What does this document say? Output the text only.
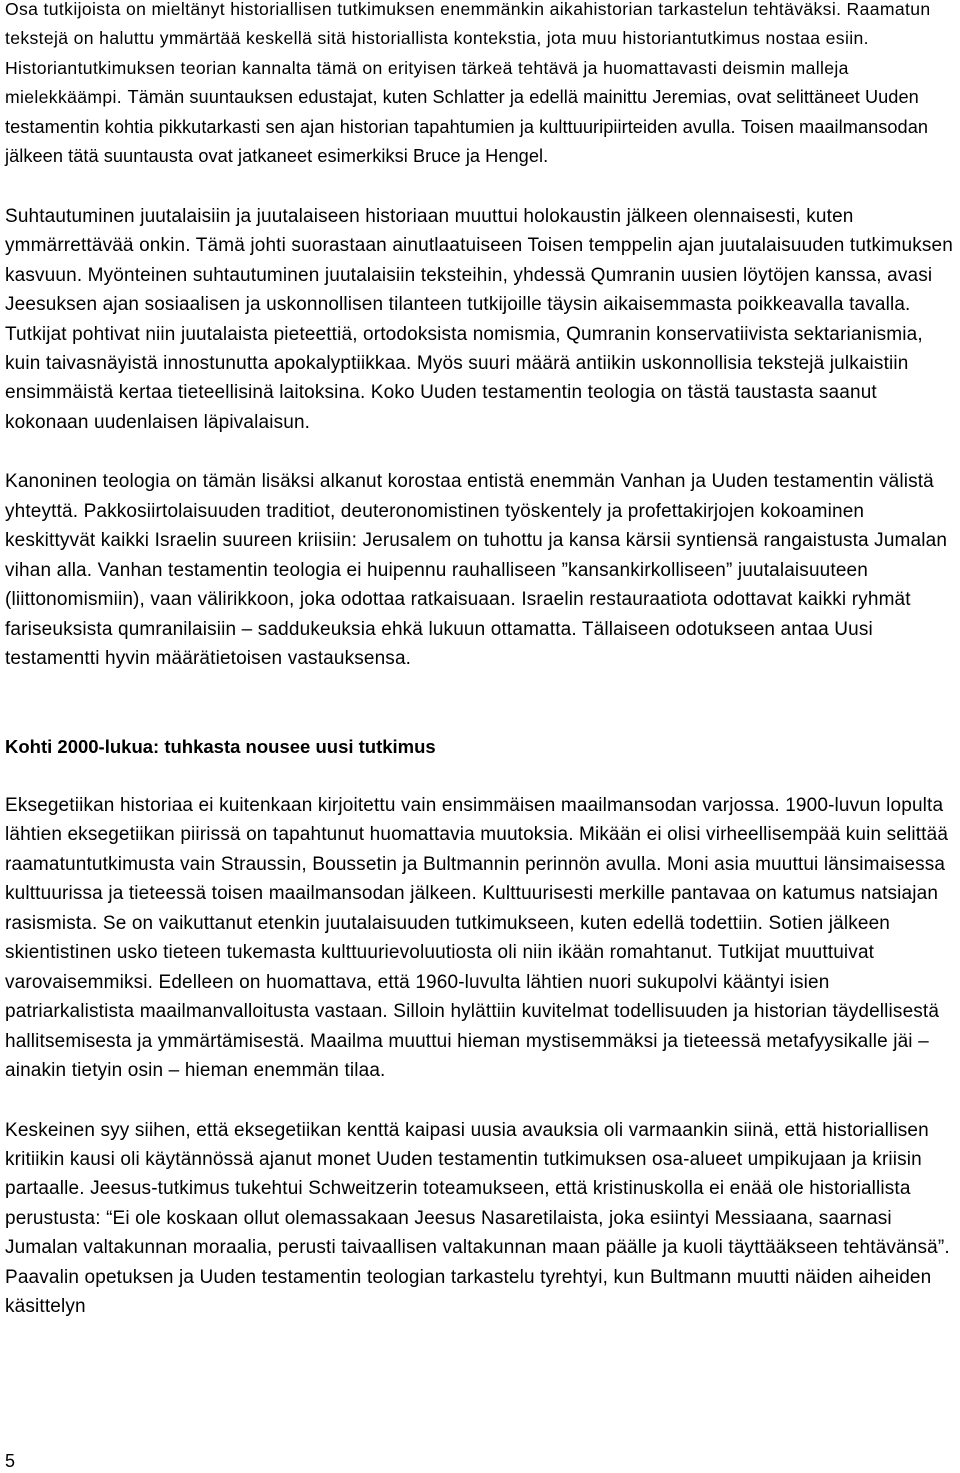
Osa tutkijoista on mieltänyt historiallisen tutkimuksen enemmänkin aikahistorian tarkastelun tehtäväksi. Raamatun tekstejä on haluttu ymmärtää keskellä sitä historiallista kontekstia, jota muu historiantutkimus nostaa esiin. Historiantutkimuksen teorian kannalta tämä on erityisen tärkeä tehtävä ja huomattavasti deismin malleja mielekkäämpi. Tämän suuntauksen edustajat, kuten Schlatter ja edellä mainittu Jeremias, ovat selittäneet Uuden testamentin kohtia pikkutarkasti sen ajan historian tapahtumien ja kulttuuripiirteiden avulla. Toisen maailmansodan jälkeen tätä suuntausta ovat jatkaneet esimerkiksi Bruce ja Hengel.

Suhtautuminen juutalaisiin ja juutalaiseen historiaan muuttui holokaustin jälkeen olennaisesti, kuten ymmärrettävää onkin. Tämä johti suorastaan ainutlaatuiseen Toisen temppelin ajan juutalaisuuden tutkimuksen kasvuun. Myönteinen suhtautuminen juutalaisiin teksteihin, yhdessä Qumranin uusien löytöjen kanssa, avasi Jeesuksen ajan sosiaalisen ja uskonnollisen tilanteen tutkijoille täysin aikaisemmasta poikkeavalla tavalla. Tutkijat pohtivat niin juutalaista pieteettiä, ortodoksista nomismia, Qumranin konservatiivista sektarianismia, kuin taivasnäyistä innostunutta apokalyptiikkaa. Myös suuri määrä antiikin uskonnollisia tekstejä julkaistiin ensimmäistä kertaa tieteellisinä laitoksina. Koko Uuden testamentin teologia on tästä taustasta saanut kokonaan uudenlaisen läpivalaisun.

Kanoninen teologia on tämän lisäksi alkanut korostaa entistä enemmän Vanhan ja Uuden testamentin välistä yhteyttä. Pakkosiirtolaisuuden traditiot, deuteronomistinen työskentely ja profettakirjojen kokoaminen keskittyvät kaikki Israelin suureen kriisiin: Jerusalem on tuhottu ja kansa kärsii syntiensä rangaistusta Jumalan vihan alla. Vanhan testamentin teologia ei huipennu rauhalliseen ”kansankirkolliseen” juutalaisuuteen (liittonomismiin), vaan välirikkoon, joka odottaa ratkaisuaan. Israelin restauraatiota odottavat kaikki ryhmät fariseuksista qumranilaisiin – saddukeuksia ehkä lukuun ottamatta. Tällaiseen odotukseen antaa Uusi testamentti hyvin määrätietoisen vastauksensa.

Kohti 2000-lukua: tuhkasta nousee uusi tutkimus

Eksegetiikan historiaa ei kuitenkaan kirjoitettu vain ensimmäisen maailmansodan varjossa. 1900-luvun lopulta lähtien eksegetiikan piirissä on tapahtunut huomattavia muutoksia. Mikään ei olisi virheellisempää kuin selittää raamatuntutkimusta vain Straussin, Boussetin ja Bultmannin perinnön avulla. Moni asia muuttui länsimaisessa kulttuurissa ja tieteessä toisen maailmansodan jälkeen. Kulttuurisesti merkille pantavaa on katumus natsiajan rasismista. Se on vaikuttanut etenkin juutalaisuuden tutkimukseen, kuten edellä todettiin. Sotien jälkeen skientistinen usko tieteen tukemasta kulttuurievoluutiosta oli niin ikään romahtanut. Tutkijat muuttuivat varovaisemmiksi. Edelleen on huomattava, että 1960-luvulta lähtien nuori sukupolvi kääntyi isien patriarkalistista maailmanvalloitusta vastaan. Silloin hylättiin kuvitelmat todellisuuden ja historian täydellisestä hallitsemisesta ja ymmärtämisestä. Maailma muuttui hieman mystisemmäksi ja tieteessä metafyysikalle jäi – ainakin tietyin osin – hieman enemmän tilaa.

Keskeinen syy siihen, että eksegetiikan kenttä kaipasi uusia avauksia oli varmaankin siinä, että historiallisen kritiikin kausi oli käytännössä ajanut monet Uuden testamentin tutkimuksen osa-alueet umpikujaan ja kriisin partaalle. Jeesus-tutkimus tukehtui Schweitzerin toteamukseen, että kristinuskolla ei enää ole historiallista perustusta: “Ei ole koskaan ollut olemassakaan Jeesus Nasaretilaista, joka esiintyi Messiaana, saarnasi Jumalan valtakunnan moraalia, perusti taivaallisen valtakunnan maan päälle ja kuoli täyttääkseen tehtävänsä”. Paavalin opetuksen ja Uuden testamentin teologian tarkastelu tyrehtyi, kun Bultmann muutti näiden aiheiden käsittelyn

5
